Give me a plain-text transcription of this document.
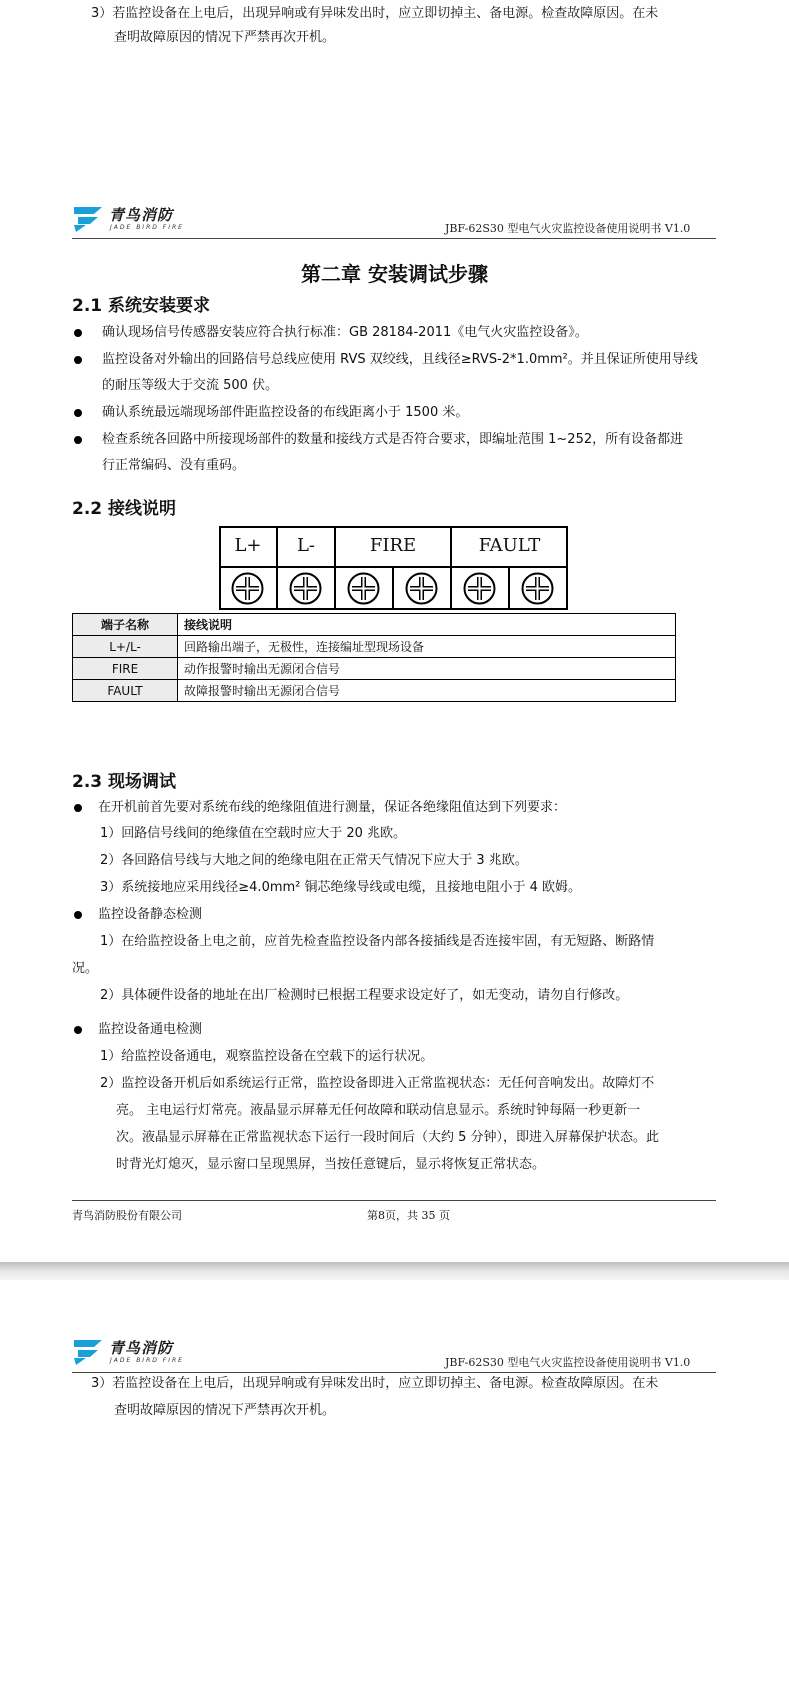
3）若监控设备在上电后，出现异响或有异味发出时，应立即切掉主、备电源。检查故障原因。在未
查明故障原因的情况下严禁再次开机。
青鸟消防
JADE BIRD FIRE	JBF-62S30 型电气火灾监控设备使用说明书 V1.0
第二章 安装调试步骤
2.1 系统安装要求
确认现场信号传感器安装应符合执行标准：GB 28184-2011《电气火灾监控设备》。
监控设备对外输出的回路信号总线应使用 RVS 双绞线，且线径≥RVS-2*1.0mm²。并且保证所使用导线
的耐压等级大于交流 500 伏。
确认系统最远端现场部件距监控设备的布线距离小于 1500 米。
检查系统各回路中所接现场部件的数量和接线方式是否符合要求，即编址范围 1~252，所有设备都进
行正常编码、没有重码。
2.2 接线说明
L+	L-	FIRE	FAULT
端子名称	接线说明
L+/L-	回路输出端子，无极性，连接编址型现场设备
FIRE	动作报警时输出无源闭合信号
FAULT	故障报警时输出无源闭合信号
2.3 现场调试
在开机前首先要对系统布线的绝缘阻值进行测量，保证各绝缘阻值达到下列要求：
1）回路信号线间的绝缘值在空载时应大于 20 兆欧。
2）各回路信号线与大地之间的绝缘电阻在正常天气情况下应大于 3 兆欧。
3）系统接地应采用线径≥4.0mm² 铜芯绝缘导线或电缆，且接地电阻小于 4 欧姆。
监控设备静态检测
1）在给监控设备上电之前，应首先检查监控设备内部各接插线是否连接牢固，有无短路、断路情
况。
2）具体硬件设备的地址在出厂检测时已根据工程要求设定好了，如无变动，请勿自行修改。
监控设备通电检测
1）给监控设备通电，观察监控设备在空载下的运行状况。
2）监控设备开机后如系统运行正常，监控设备即进入正常监视状态：无任何音响发出。故障灯不
亮。 主电运行灯常亮。液晶显示屏幕无任何故障和联动信息显示。系统时钟每隔一秒更新一
次。液晶显示屏幕在正常监视状态下运行一段时间后（大约 5 分钟），即进入屏幕保护状态。此
时背光灯熄灭，显示窗口呈现黑屏，当按任意键后，显示将恢复正常状态。
青鸟消防股份有限公司	第8页，共 35 页
青鸟消防
JADE BIRD FIRE	JBF-62S30 型电气火灾监控设备使用说明书 V1.0
3）若监控设备在上电后，出现异响或有异味发出时，应立即切掉主、备电源。检查故障原因。在未
查明故障原因的情况下严禁再次开机。
